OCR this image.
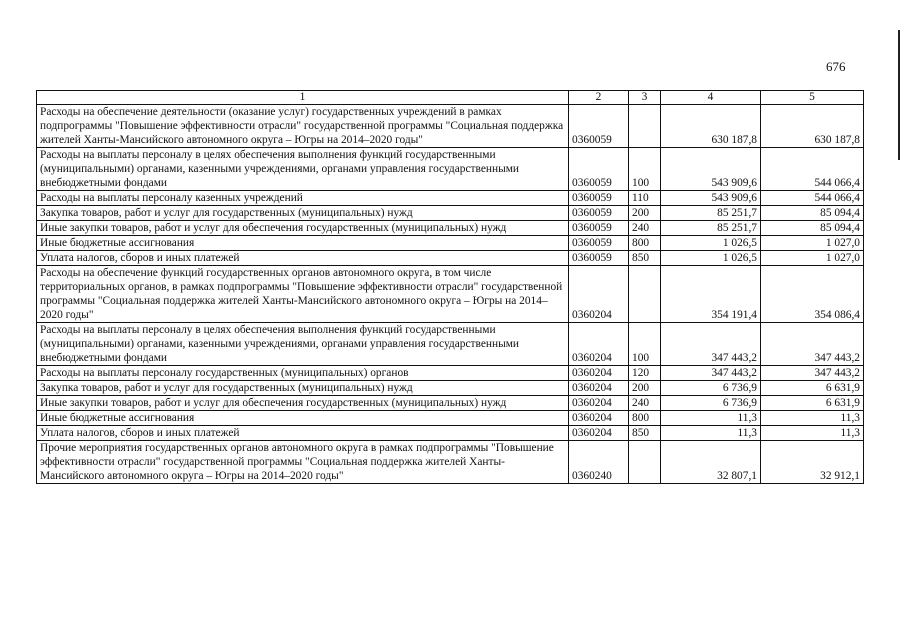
676
1	2	3	4	5
Расходы на обеспечение деятельности (оказание услуг) государственных учреждений в рамках подпрограммы "Повышение эффективности отрасли" государственной программы "Социальная поддержка жителей Ханты-Мансийского автономного округа – Югры на 2014–2020 годы"	0360059		630 187,8	630 187,8
Расходы на выплаты персоналу в целях обеспечения выполнения функций государственными (муниципальными) органами, казенными учреждениями, органами управления государственными внебюджетными фондами	0360059	100	543 909,6	544 066,4
Расходы на выплаты персоналу казенных учреждений	0360059	110	543 909,6	544 066,4
Закупка товаров, работ и услуг для государственных (муниципальных) нужд	0360059	200	85 251,7	85 094,4
Иные закупки товаров, работ и услуг для обеспечения государственных (муниципальных) нужд	0360059	240	85 251,7	85 094,4
Иные бюджетные ассигнования	0360059	800	1 026,5	1 027,0
Уплата налогов, сборов и иных платежей	0360059	850	1 026,5	1 027,0
Расходы на обеспечение функций государственных органов автономного округа, в том числе территориальных органов, в рамках подпрограммы "Повышение эффективности отрасли" государственной программы "Социальная поддержка жителей Ханты-Мансийского автономного округа – Югры на 2014–2020 годы"	0360204		354 191,4	354 086,4
Расходы на выплаты персоналу в целях обеспечения выполнения функций государственными (муниципальными) органами, казенными учреждениями, органами управления государственными внебюджетными фондами	0360204	100	347 443,2	347 443,2
Расходы на выплаты персоналу государственных (муниципальных) органов	0360204	120	347 443,2	347 443,2
Закупка товаров, работ и услуг для государственных (муниципальных) нужд	0360204	200	6 736,9	6 631,9
Иные закупки товаров, работ и услуг для обеспечения государственных (муниципальных) нужд	0360204	240	6 736,9	6 631,9
Иные бюджетные ассигнования	0360204	800	11,3	11,3
Уплата налогов, сборов и иных платежей	0360204	850	11,3	11,3
Прочие мероприятия государственных органов автономного округа в рамках подпрограммы "Повышение эффективности отрасли" государственной программы "Социальная поддержка жителей Ханты-Мансийского автономного округа – Югры на 2014–2020 годы"	0360240		32 807,1	32 912,1
